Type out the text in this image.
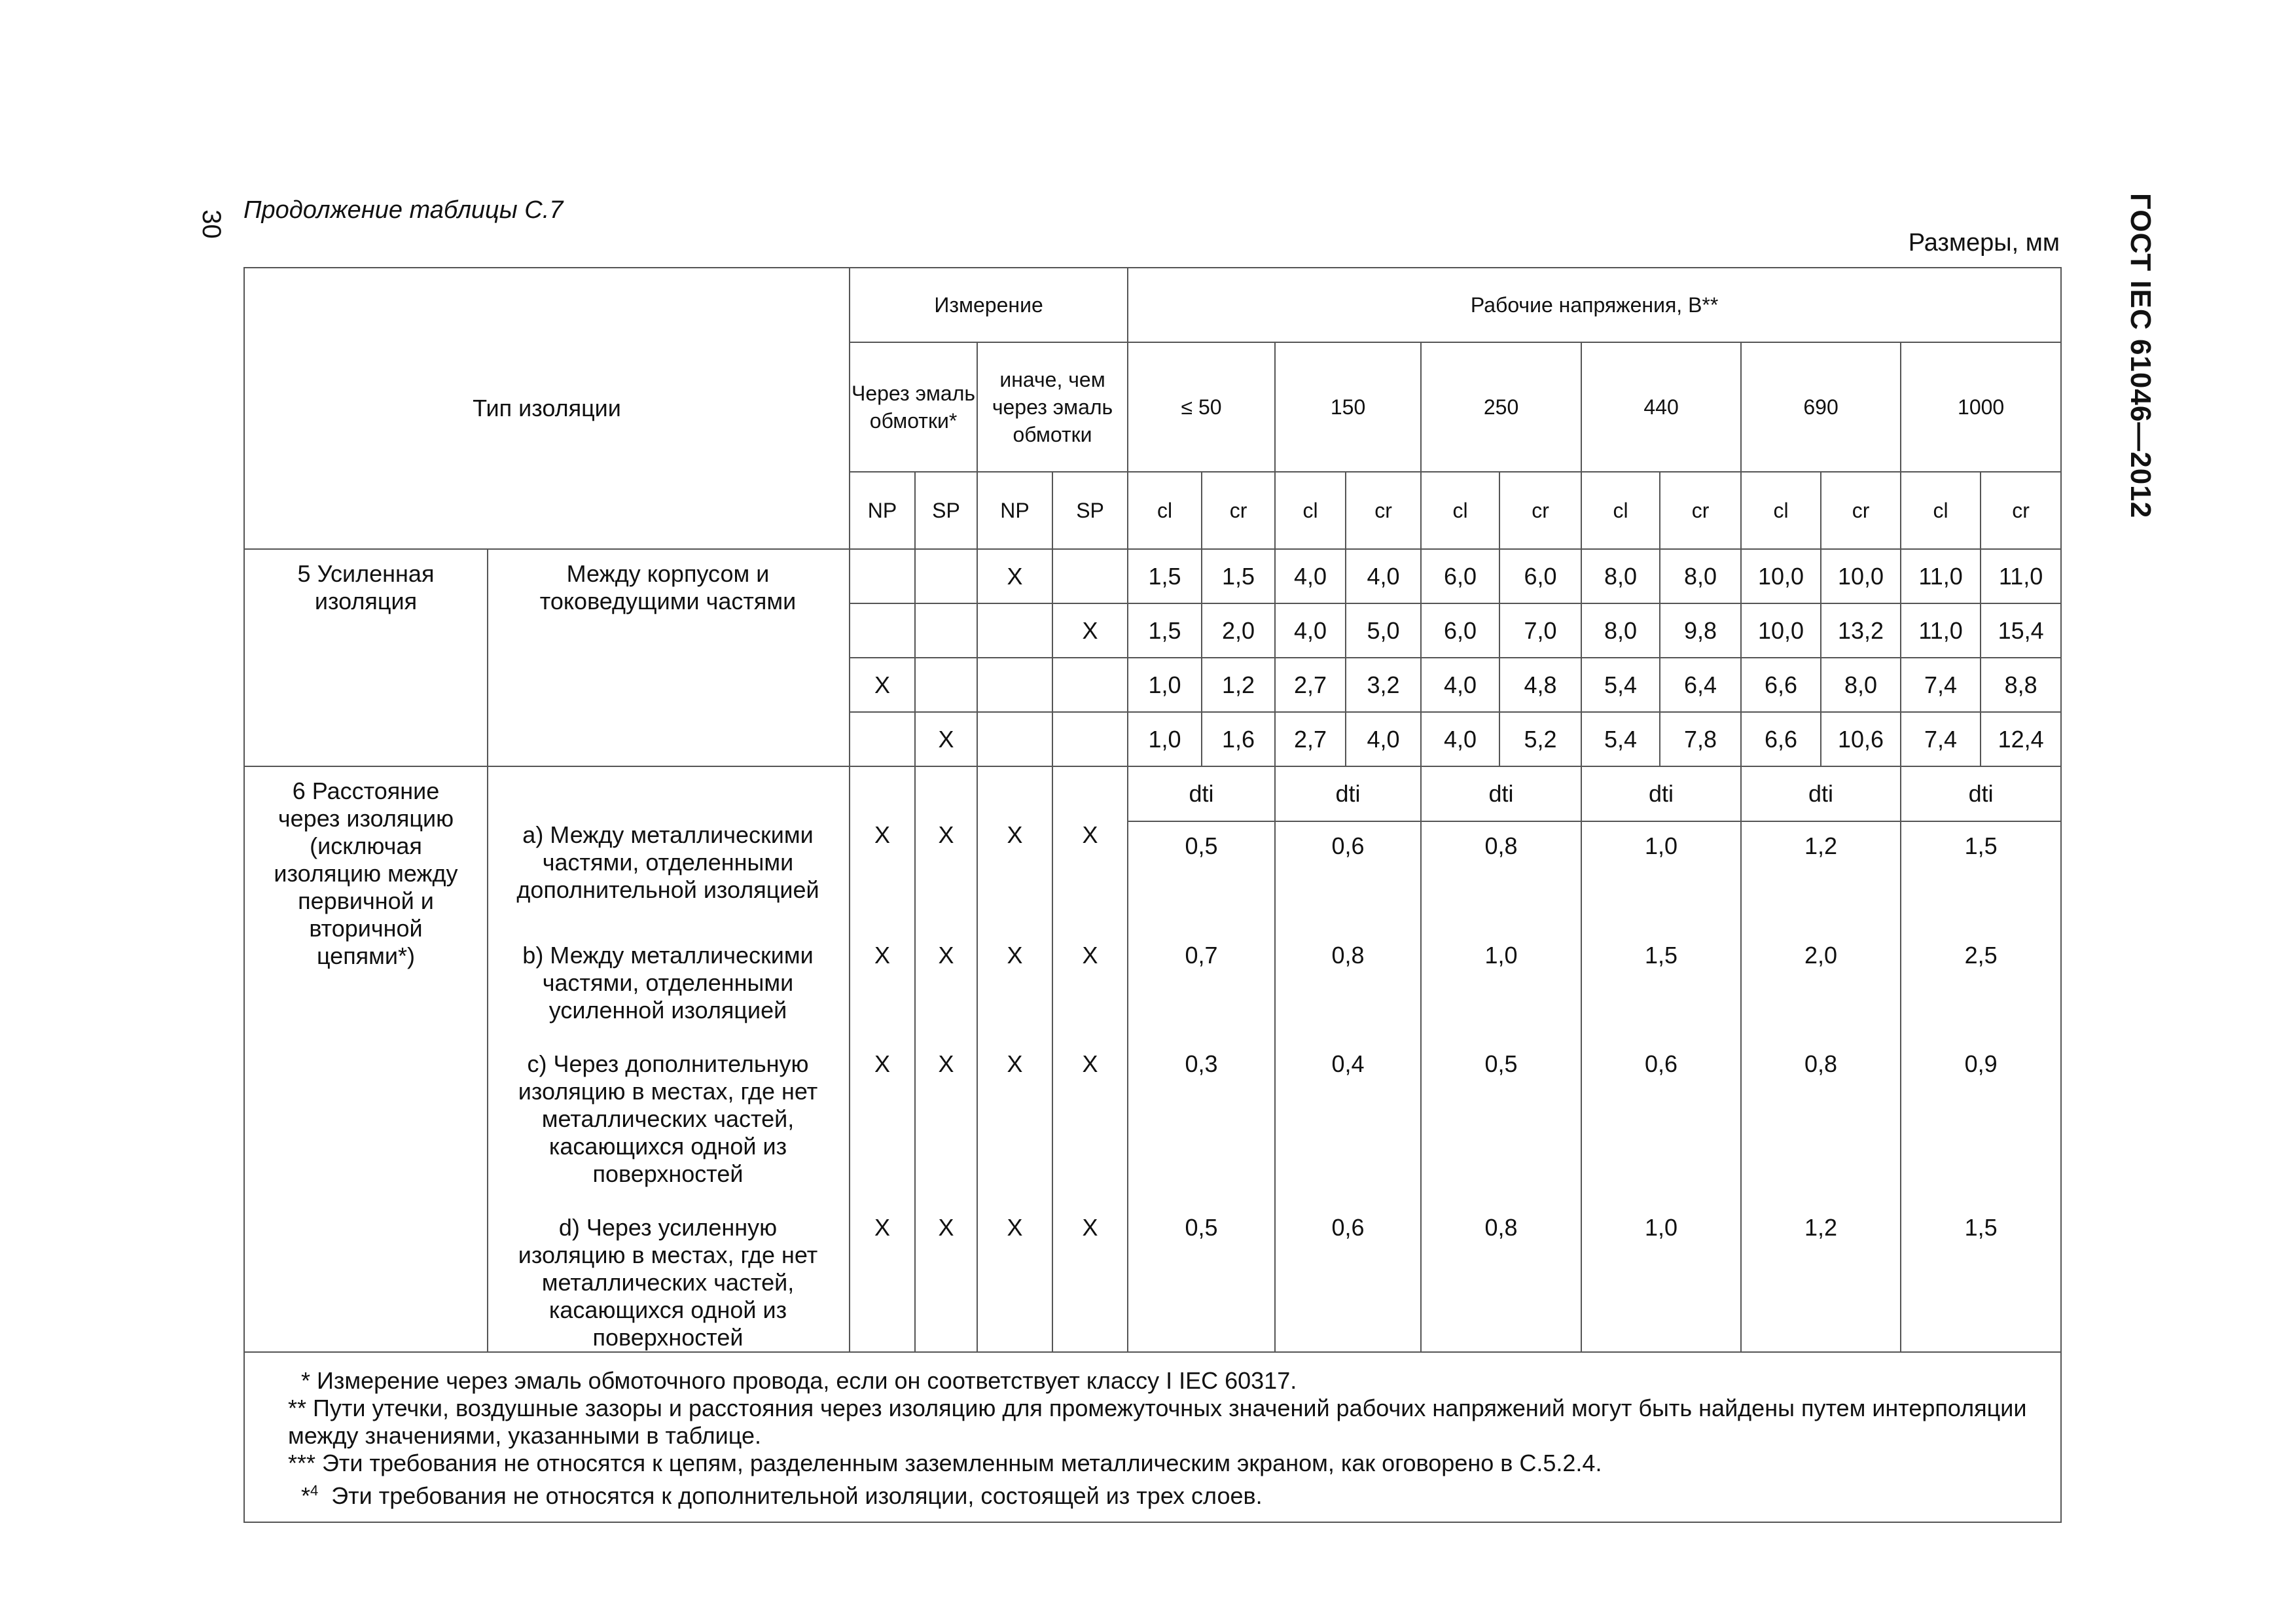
30	ГОСТ IEC 61046—2012
Продолжение таблицы С.7
Размеры, мм
Тип изоляции		Измерение				Рабочие напряжения, В**											
		Через эмаль обмотки*		иначе, чем через эмаль обмотки		≤ 50		150		250		440		690		1000	
		NP	SP	NP	SP	cl	cr	cl	cr	cl	cr	cl	cr	cl	cr	cl	cr
5 Усиленная изоляция	Между корпусом и токоведущими частями			X		1,5	1,5	4,0	4,0	6,0	6,0	8,0	8,0	10,0	10,0	11,0	11,0
					X	1,5	2,0	4,0	5,0	6,0	7,0	8,0	9,8	10,0	13,2	11,0	15,4
		X				1,0	1,2	2,7	3,2	4,0	4,8	5,4	6,4	6,6	8,0	7,4	8,8
			X			1,0	1,6	2,7	4,0	4,0	5,2	5,4	7,8	6,6	10,6	7,4	12,4
6 Расстояние через изоляцию (исключая изоляцию между первичной и вторичной цепями*)						dti		dti		dti		dti		dti		dti	
	a) Между металлическими частями, отделенными дополнительной изоляцией	X	X	X	X	0,5		0,6		0,8		1,0		1,2		1,5	
	b) Между металлическими частями, отделенными усиленной изоляцией	X	X	X	X	0,7		0,8		1,0		1,5		2,0		2,5	
	c) Через дополнительную изоляцию в местах, где нет металлических частей, касающихся одной из поверхностей	X	X	X	X	0,3		0,4		0,5		0,6		0,8		0,9	
	d) Через усиленную изоляцию в местах, где нет металлических частей, касающихся одной из поверхностей	X	X	X	X	0,5		0,6		0,8		1,0		1,2		1,5	

* Измерение через эмаль обмоточного провода, если он соответствует классу I IEC 60317.

** Пути утечки, воздушные зазоры и расстояния через изоляцию для промежуточных значений рабочих напряжений могут быть найдены путем интерполяции между значениями, указанными в таблице.

*** Эти требования не относятся к цепям, разделенным заземленным металлическим экраном, как оговорено в С.5.2.4.

*$^4$ Эти требования не относятся к дополнительной изоляции, состоящей из трех слоев.																	
